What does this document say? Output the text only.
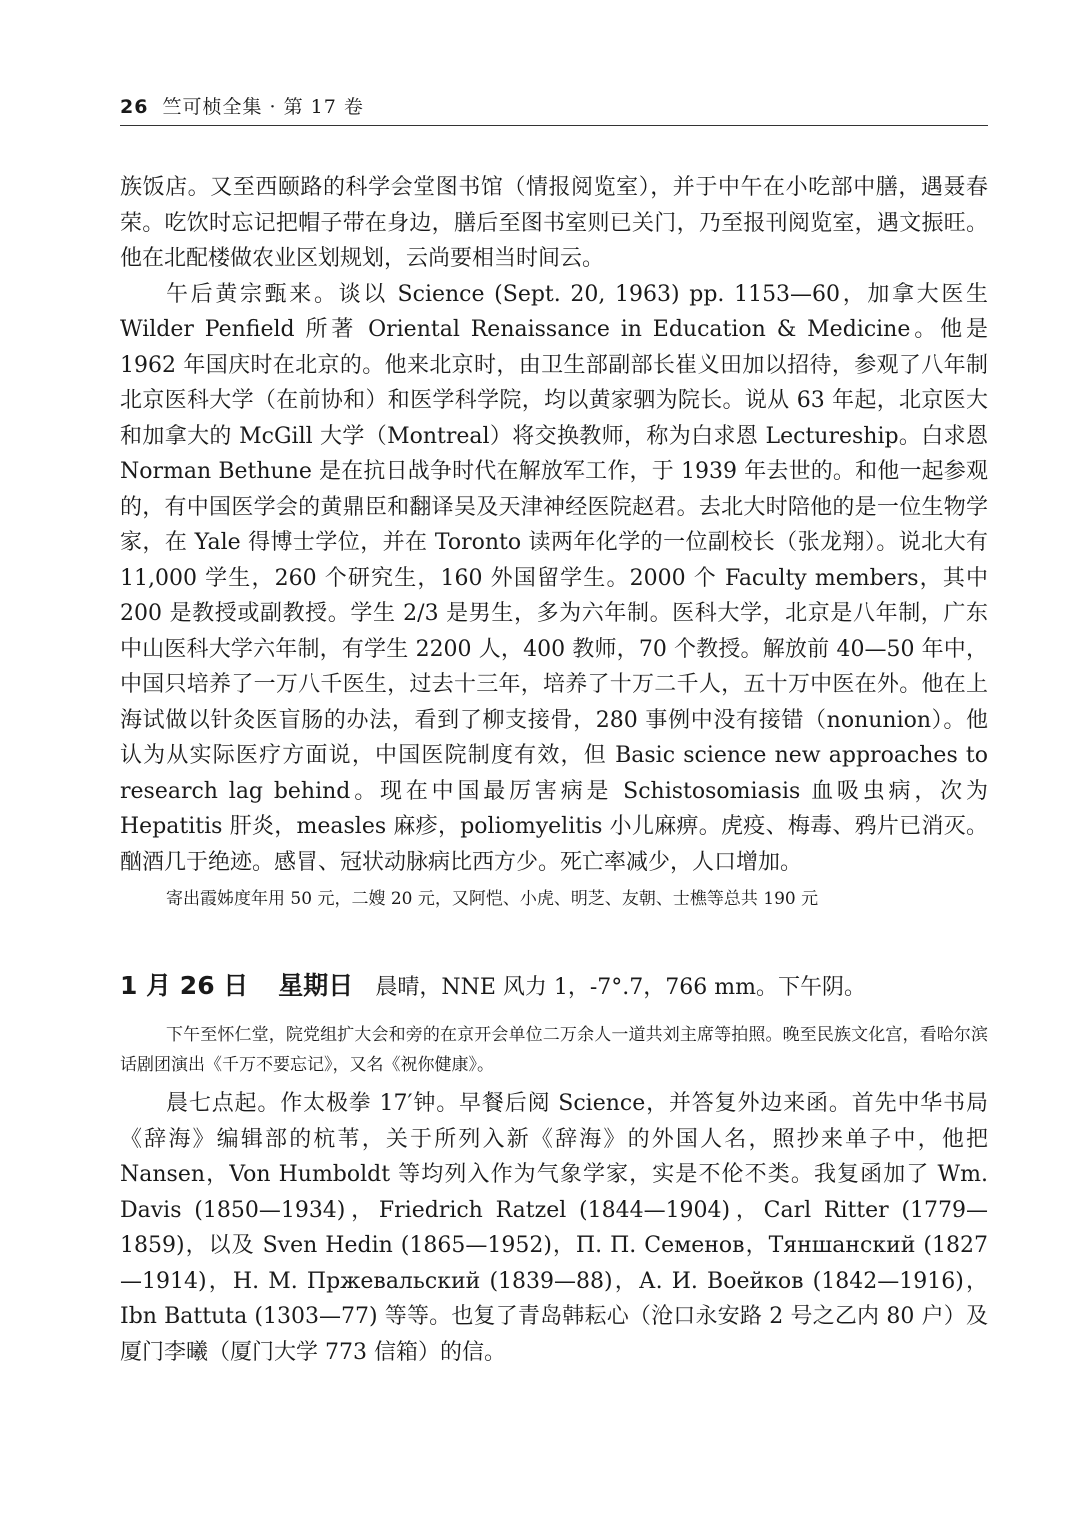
26 竺可桢全集 · 第 17 卷

族饭店。又至西颐路的科学会堂图书馆（情报阅览室），并于中午在小吃部中膳，遇聂春荣。吃饮时忘记把帽子带在身边，膳后至图书室则已关门，乃至报刊阅览室，遇文振旺。他在北配楼做农业区划规划，云尚要相当时间云。

午后黄宗甄来。谈以 Science (Sept. 20, 1963) pp. 1153—60，加拿大医生 Wilder Penfield 所著 Oriental Renaissance in Education & Medicine。他是 1962 年国庆时在北京的。他来北京时，由卫生部副部长崔义田加以招待，参观了八年制北京医科大学（在前协和）和医学科学院，均以黄家驷为院长。说从 63 年起，北京医大和加拿大的 McGill 大学（Montreal）将交换教师，称为白求恩 Lectureship。白求恩 Norman Bethune 是在抗日战争时代在解放军工作，于 1939 年去世的。和他一起参观的，有中国医学会的黄鼎臣和翻译吴及天津神经医院赵君。去北大时陪他的是一位生物学家，在 Yale 得博士学位，并在 Toronto 读两年化学的一位副校长（张龙翔）。说北大有 11,000 学生，260 个研究生，160 外国留学生。2000 个 Faculty members，其中 200 是教授或副教授。学生 2/3 是男生，多为六年制。医科大学，北京是八年制，广东中山医科大学六年制，有学生 2200 人，400 教师，70 个教授。解放前 40—50 年中，中国只培养了一万八千医生，过去十三年，培养了十万二千人，五十万中医在外。他在上海试做以针灸医盲肠的办法，看到了柳支接骨，280 事例中没有接错（nonunion）。他认为从实际医疗方面说，中国医院制度有效，但 Basic science new approaches to research lag behind。现在中国最厉害病是 Schistosomiasis 血吸虫病，次为 Hepatitis 肝炎，measles 麻疹，poliomyelitis 小儿麻痹。虎疫、梅毒、鸦片已消灭。酗酒几于绝迹。感冒、冠状动脉病比西方少。死亡率减少，人口增加。

寄出霞姊度年用 50 元，二嫂 20 元，又阿恺、小虎、明芝、友朝、士樵等总共 190 元

1 月 26 日 星期日 晨晴，NNE 风力 1，-7°.7，766 mm。下午阴。

下午至怀仁堂，院党组扩大会和旁的在京开会单位二万余人一道共刘主席等拍照。晚至民族文化宫，看哈尔滨话剧团演出《千万不要忘记》，又名《祝你健康》。

晨七点起。作太极拳 17′钟。早餐后阅 Science，并答复外边来函。首先中华书局《辞海》编辑部的杭苇，关于所列入新《辞海》的外国人名，照抄来单子中，他把 Nansen，Von Humboldt 等均列入作为气象学家，实是不伦不类。我复函加了 Wm. Davis (1850—1934)，Friedrich Ratzel (1844—1904)，Carl Ritter (1779—1859)，以及 Sven Hedin (1865—1952)，П. П. Семенов，Тяншанский (1827—1914)，Н. М. Пржевальский (1839—88)，А. И. Воейков (1842—1916)，Ibn Battuta (1303—77) 等等。也复了青岛韩耘心（沧口永安路 2 号之乙内 80 户）及厦门李曦（厦门大学 773 信箱）的信。
